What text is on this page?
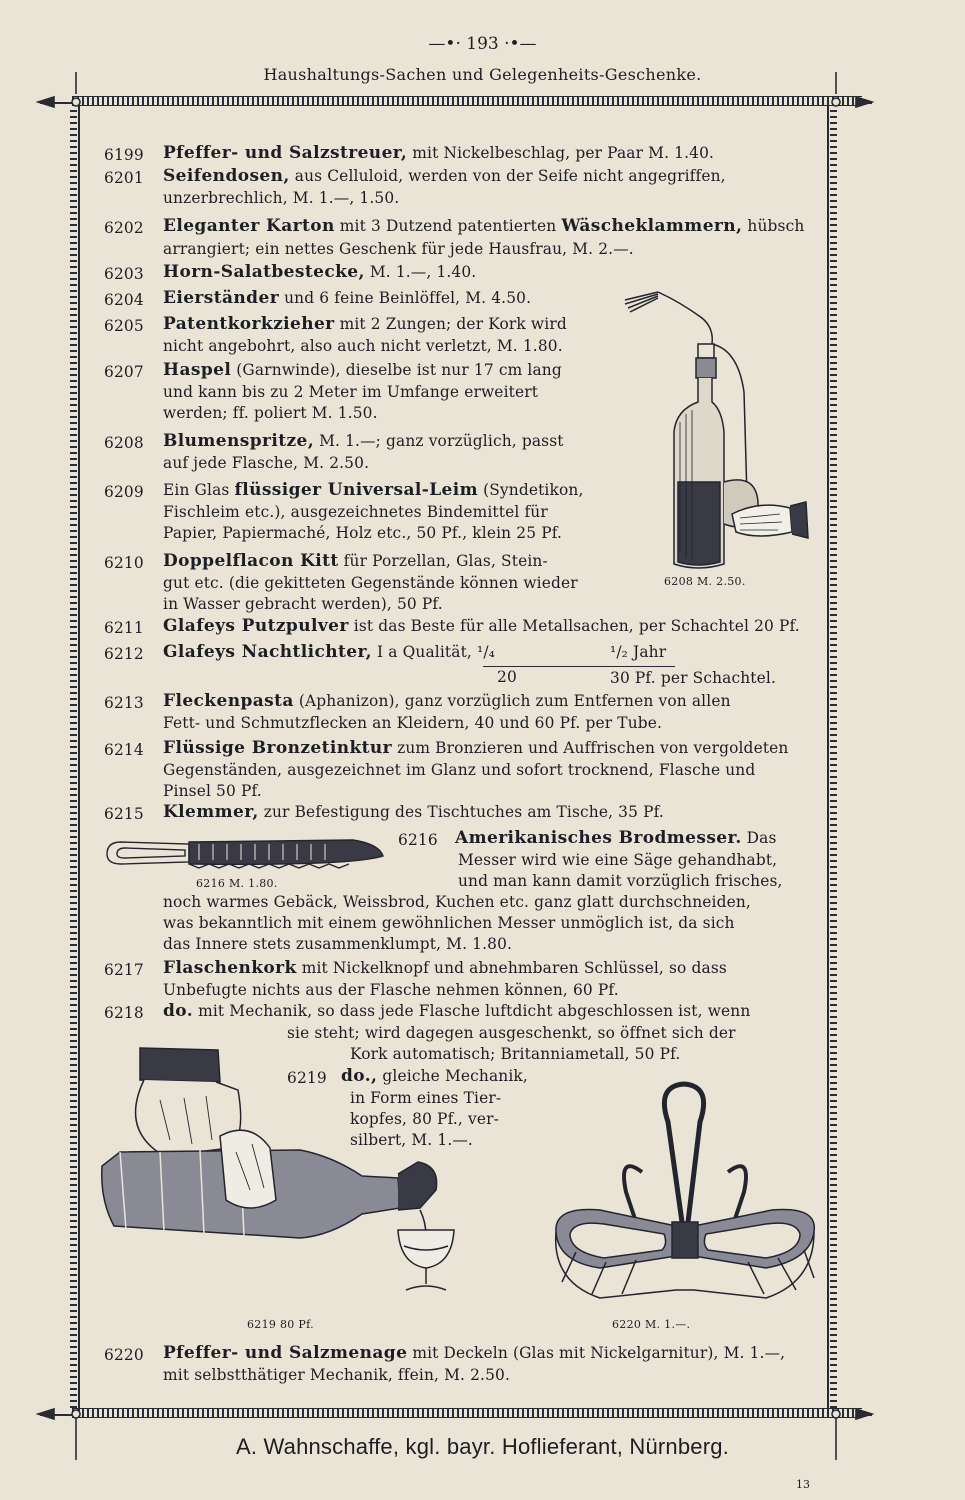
—•· 193 ·•—
Haushaltungs-Sachen und Gelegenheits-Geschenke.
6199 Pfeffer- und Salzstreuer, mit Nickelbeschlag, per Paar M. 1.40.
6201 Seifendosen, aus Celluloid, werden von der Seife nicht angegriffen,
unzerbrechlich, M. 1.—, 1.50.
6202 Eleganter Karton mit 3 Dutzend patentierten Wäscheklammern, hübsch
arrangiert; ein nettes Geschenk für jede Hausfrau, M. 2.—.
6203 Horn-Salatbestecke, M. 1.—, 1.40.
6204 Eierständer und 6 feine Beinlöffel, M. 4.50.
6205 Patentkorkzieher mit 2 Zungen; der Kork wird
nicht angebohrt, also auch nicht verletzt, M. 1.80.
6207 Haspel (Garnwinde), dieselbe ist nur 17 cm lang
und kann bis zu 2 Meter im Umfange erweitert
werden; ff. poliert M. 1.50.
6208 Blumenspritze, M. 1.—; ganz vorzüglich, passt
auf jede Flasche, M. 2.50.
6209 Ein Glas flüssiger Universal-Leim (Syndetikon,
Fischleim etc.), ausgezeichnetes Bindemittel für
Papier, Papiermaché, Holz etc., 50 Pf., klein 25 Pf.
6210 Doppelflacon Kitt für Porzellan, Glas, Stein-
gut etc. (die gekitteten Gegenstände können wieder
in Wasser gebracht werden), 50 Pf.
6211 Glafeys Putzpulver ist das Beste für alle Metallsachen, per Schachtel 20 Pf.
6212 Glafeys Nachtlichter, I a Qualität, ¹/₄	¹/₂ Jahr
20	30 Pf. per Schachtel.
6213 Fleckenpasta (Aphanizon), ganz vorzüglich zum Entfernen von allen
Fett- und Schmutzflecken an Kleidern, 40 und 60 Pf. per Tube.
6214 Flüssige Bronzetinktur zum Bronzieren und Auffrischen von vergoldeten
Gegenständen, ausgezeichnet im Glanz und sofort trocknend, Flasche und
Pinsel 50 Pf.
6215 Klemmer, zur Befestigung des Tischtuches am Tische, 35 Pf.
6216 Amerikanisches Brodmesser. Das
Messer wird wie eine Säge gehandhabt,
und man kann damit vorzüglich frisches,
noch warmes Gebäck, Weissbrod, Kuchen etc. ganz glatt durchschneiden,
was bekanntlich mit einem gewöhnlichen Messer unmöglich ist, da sich
das Innere stets zusammenklumpt, M. 1.80.
6217 Flaschenkork mit Nickelknopf und abnehmbaren Schlüssel, so dass
Unbefugte nichts aus der Flasche nehmen können, 60 Pf.
6218 do. mit Mechanik, so dass jede Flasche luftdicht abgeschlossen ist, wenn
sie steht; wird dagegen ausgeschenkt, so öffnet sich der
Kork automatisch; Britanniametall, 50 Pf.
6219 do., gleiche Mechanik,
in Form eines Tier-
kopfes, 80 Pf., ver-
silbert, M. 1.—.
6220 Pfeffer- und Salzmenage mit Deckeln (Glas mit Nickelgarnitur), M. 1.—,
mit selbstthätiger Mechanik, ffein, M. 2.50.
6208 M. 2.50.
6216 M. 1.80.
6219 80 Pf.	6220 M. 1.—.
A. Wahnschaffe, kgl. bayr. Hoflieferant, Nürnberg.
13
